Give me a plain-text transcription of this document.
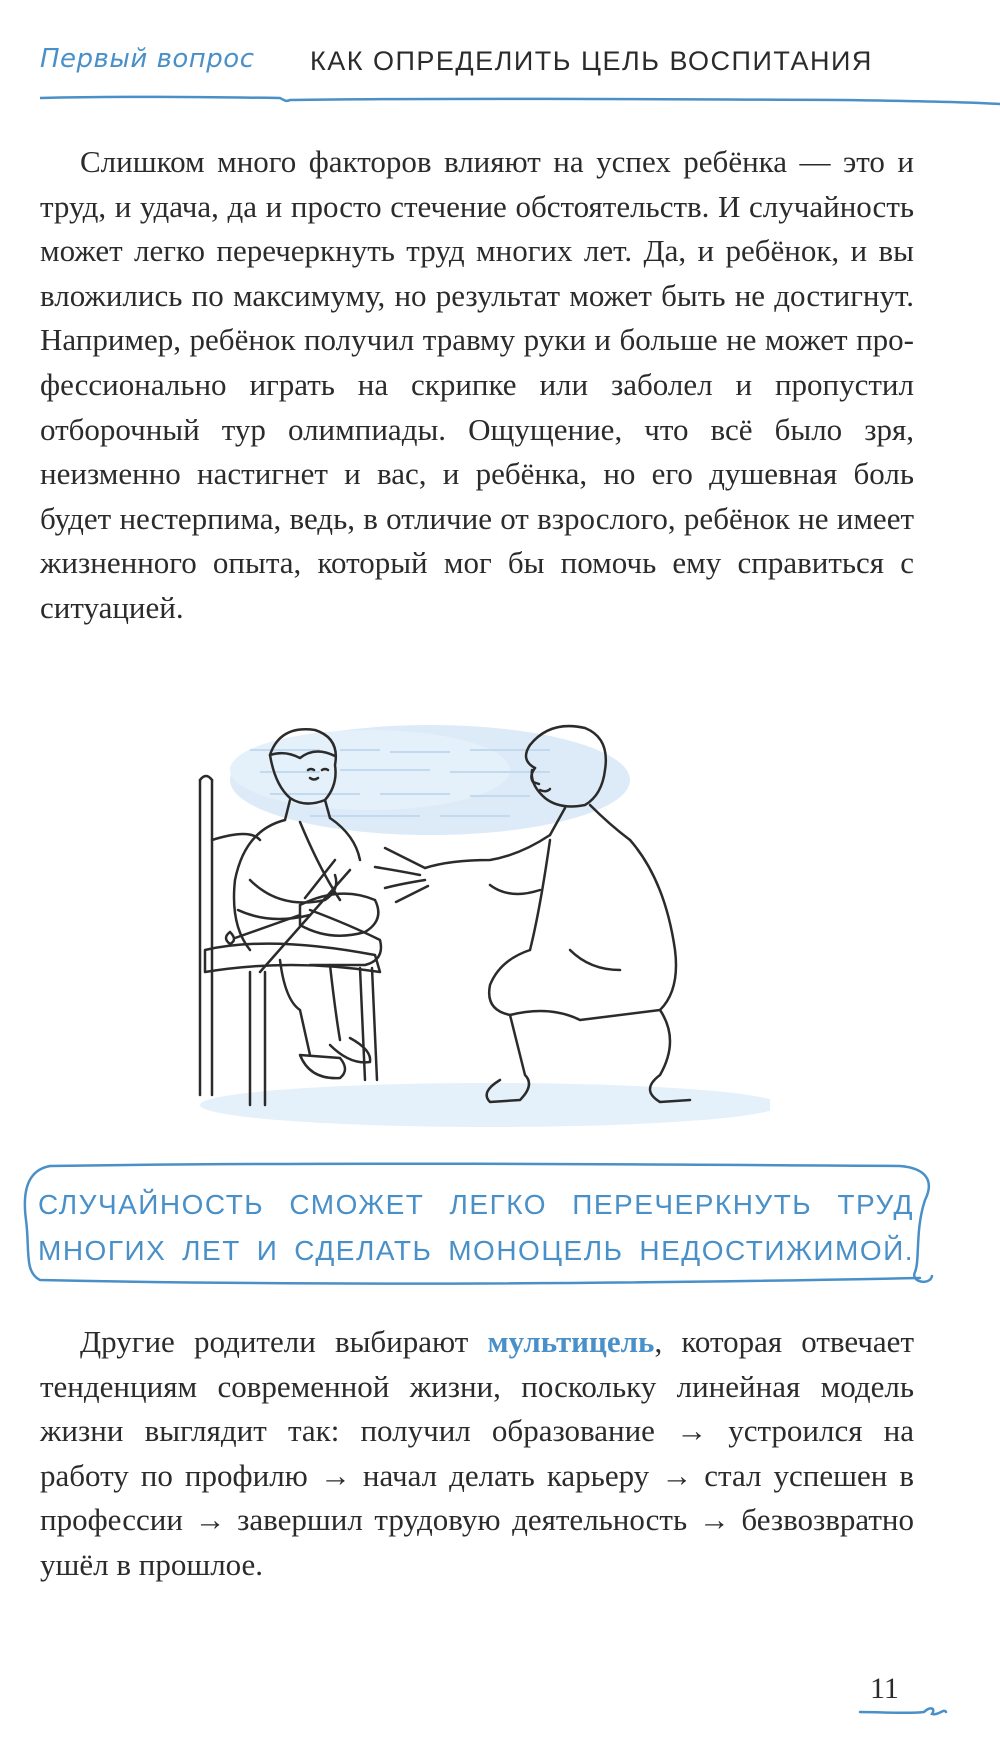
Первый вопрос КАК ОПРЕДЕЛИТЬ ЦЕЛЬ ВОСПИТАНИЯ
Слишком много факторов влияют на успех ребёнка — это и труд, и удача, да и просто стечение обстоятельств. И случайность может легко перечеркнуть труд многих лет. Да, и ребёнок, и вы вложились по максимуму, но результат может быть не достигнут. Например, ребёнок получил травму руки и больше не может профессионально играть на скрипке или заболел и пропустил отборочный тур олимпиады. Ощущение, что всё было зря, неизменно настигнет и вас, и ребёнка, но его душевная боль будет нестерпима, ведь, в отличие от взрослого, ребёнок не имеет жизненного опыта, который мог бы помочь ему справиться с ситуацией.
СЛУЧАЙНОСТЬ СМОЖЕТ ЛЕГКО ПЕРЕЧЕРКНУТЬ ТРУД МНОГИХ ЛЕТ И СДЕЛАТЬ МОНОЦЕЛЬ НЕДОСТИЖИМОЙ.
Другие родители выбирают мультицель, которая отвечает тенденциям современной жизни, поскольку линейная модель жизни выглядит так: получил образование → устроился на работу по профилю → начал делать карьеру → стал успешен в профессии → завершил трудовую деятельность → безвозвратно ушёл в прошлое.
11
